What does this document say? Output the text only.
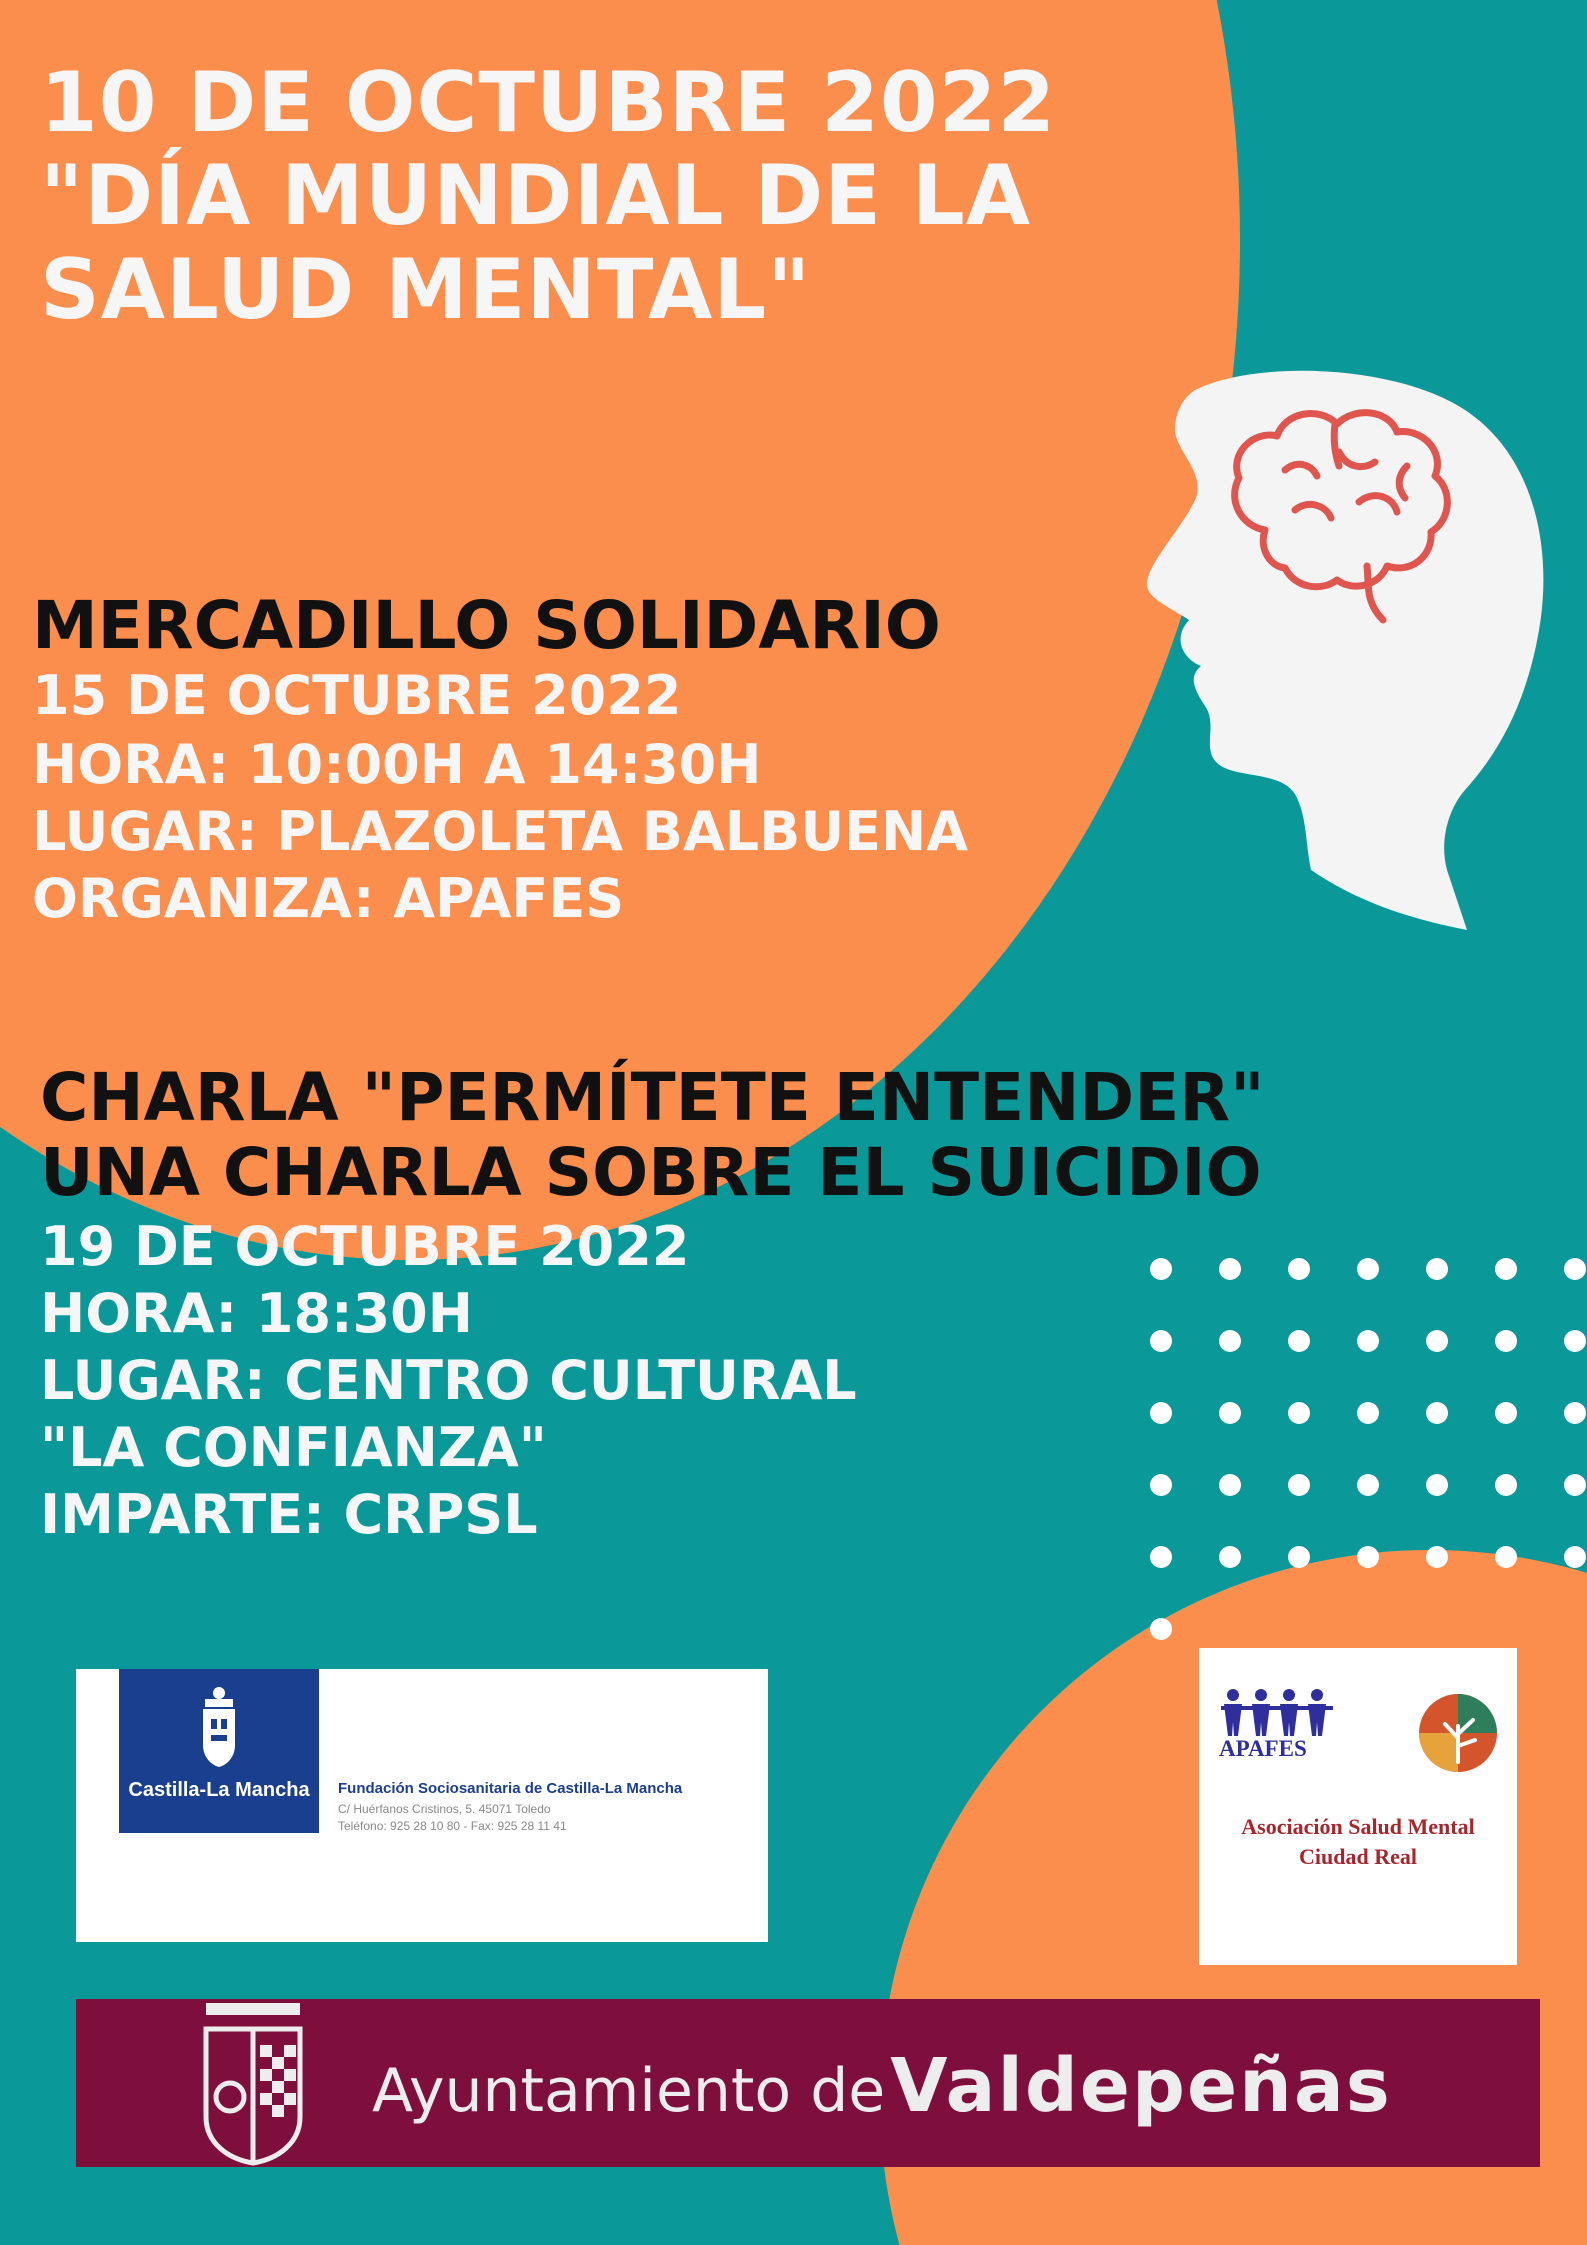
10 DE OCTUBRE 2022
"DÍA MUNDIAL DE LA
SALUD MENTAL"
MERCADILLO SOLIDARIO
15 DE OCTUBRE 2022
HORA: 10:00H A 14:30H
LUGAR: PLAZOLETA BALBUENA
ORGANIZA: APAFES
CHARLA "PERMÍTETE ENTENDER"
UNA CHARLA SOBRE EL SUICIDIO
19 DE OCTUBRE 2022
HORA: 18:30H
LUGAR: CENTRO CULTURAL
"LA CONFIANZA"
IMPARTE: CRPSL
Castilla-La Mancha	Fundación Sociosanitaria de Castilla-La Mancha
C/ Huérfanos Cristinos, 5. 45071 Toledo
Teléfono: 925 28 10 80 - Fax: 925 28 11 41
APAFES
Asociación Salud Mental
Ciudad Real
Ayuntamiento de Valdepeñas
